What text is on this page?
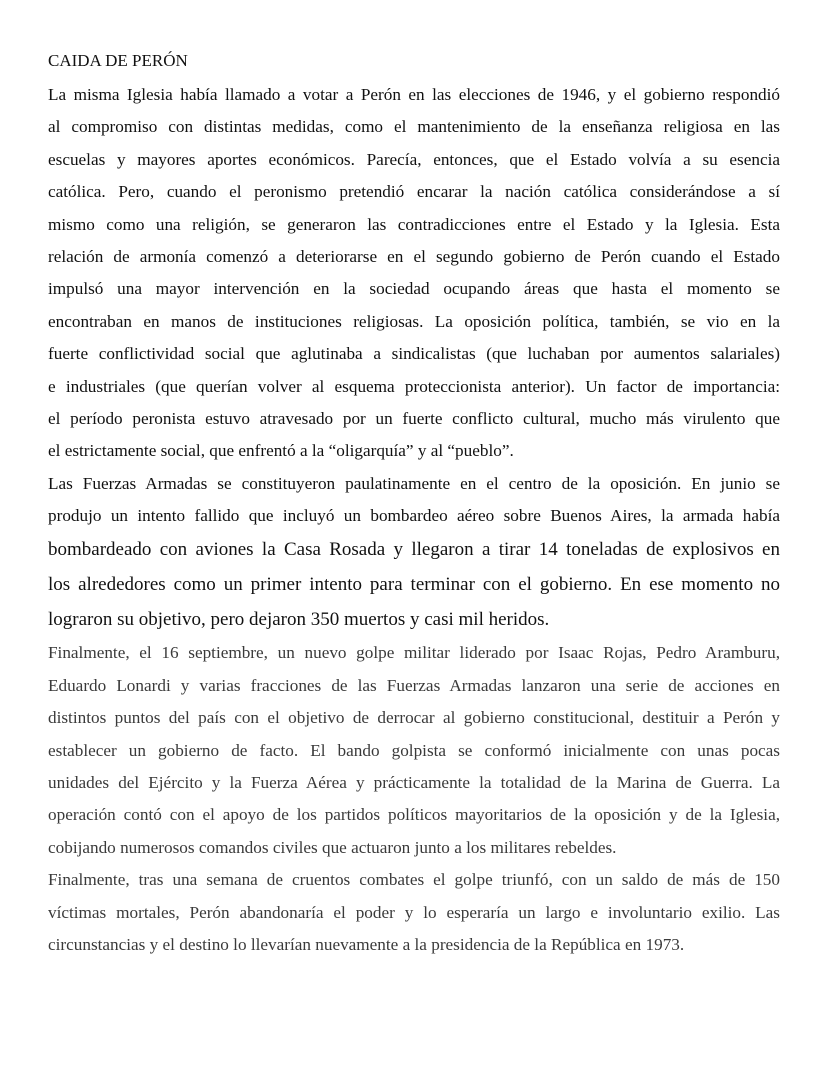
CAIDA DE PERÓN
La misma Iglesia había llamado a votar a Perón en las elecciones de 1946, y el gobierno respondió
al compromiso con distintas medidas, como el mantenimiento de la enseñanza religiosa en las
escuelas y mayores aportes económicos. Parecía, entonces, que el Estado volvía a su esencia
católica. Pero, cuando el peronismo pretendió encarar la nación católica considerándose a sí
mismo como una religión, se generaron las contradicciones entre el Estado y la Iglesia. Esta
relación de armonía comenzó a deteriorarse en el segundo gobierno de Perón cuando el Estado
impulsó una mayor intervención en la sociedad ocupando áreas que hasta el momento se
encontraban en manos de instituciones religiosas. La oposición política, también, se vio en la
fuerte conflictividad social que aglutinaba a sindicalistas (que luchaban por aumentos salariales)
e industriales (que querían volver al esquema proteccionista anterior). Un factor de importancia:
el período peronista estuvo atravesado por un fuerte conflicto cultural, mucho más virulento que
el estrictamente social, que enfrentó a la “oligarquía” y al “pueblo”.
Las Fuerzas Armadas se constituyeron paulatinamente en el centro de la oposición. En junio se
produjo un intento fallido que incluyó un bombardeo aéreo sobre Buenos Aires, la armada había
bombardeado con aviones la Casa Rosada y llegaron a tirar 14 toneladas de explosivos en
los alrededores como un primer intento para terminar con el gobierno. En ese momento no
lograron su objetivo, pero dejaron 350 muertos y casi mil heridos.
Finalmente, el 16 septiembre, un nuevo golpe militar liderado por Isaac Rojas, Pedro Aramburu,
Eduardo Lonardi y varias fracciones de las Fuerzas Armadas lanzaron una serie de acciones en
distintos puntos del país con el objetivo de derrocar al gobierno constitucional, destituir a Perón y
establecer un gobierno de facto. El bando golpista se conformó inicialmente con unas pocas
unidades del Ejército y la Fuerza Aérea y prácticamente la totalidad de la Marina de Guerra. La
operación contó con el apoyo de los partidos políticos mayoritarios de la oposición y de la Iglesia,
cobijando numerosos comandos civiles que actuaron junto a los militares rebeldes.
Finalmente, tras una semana de cruentos combates el golpe triunfó, con un saldo de más de 150
víctimas mortales, Perón abandonaría el poder y lo esperaría un largo e involuntario exilio. Las
circunstancias y el destino lo llevarían nuevamente a la presidencia de la República en 1973.
